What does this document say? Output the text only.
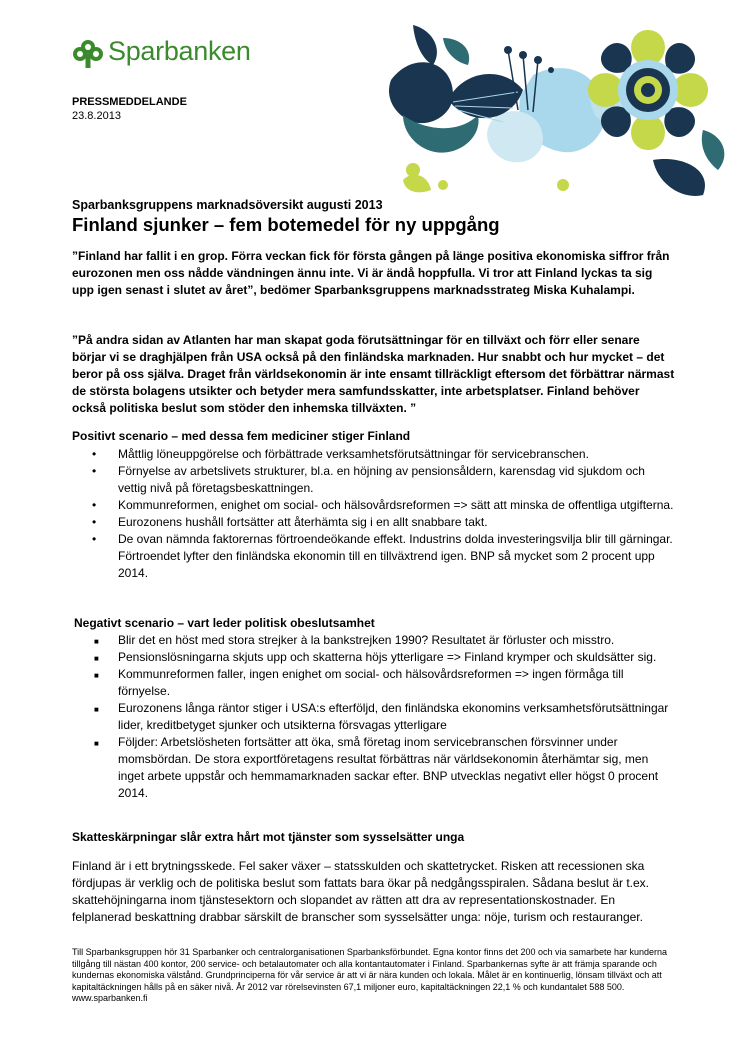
Sparbanken
PRESSMEDDELANDE
23.8.2013
Sparbanksgruppens marknadsöversikt augusti 2013
Finland sjunker – fem botemedel för ny uppgång
”Finland har fallit i en grop. Förra veckan fick för första gången på länge positiva ekonomiska siffror från eurozonen men oss nådde vändningen ännu inte. Vi är ändå hoppfulla. Vi tror att Finland lyckas ta sig upp igen senast i slutet av året”, bedömer Sparbanksgruppens marknadsstrateg Miska Kuhalampi.
”På andra sidan av Atlanten har man skapat goda förutsättningar för en tillväxt och förr eller senare börjar vi se draghjälpen från USA också på den finländska marknaden. Hur snabbt och hur mycket – det beror på oss själva. Draget från världsekonomin är inte ensamt tillräckligt eftersom det förbättrar närmast de största bolagens utsikter och betyder mera samfundsskatter, inte arbetsplatser. Finland behöver också politiska beslut som stöder den inhemska tillväxten. ”
Positivt scenario – med dessa fem mediciner stiger Finland
• Måttlig löneuppgörelse och förbättrade verksamhetsförutsättningar för servicebranschen.
• Förnyelse av arbetslivets strukturer, bl.a. en höjning av pensionsåldern, karensdag vid sjukdom och vettig nivå på företagsbeskattningen.
• Kommunreformen, enighet om social- och hälsovårdsreformen => sätt att minska de offentliga utgifterna.
• Eurozonens hushåll fortsätter att återhämta sig i en allt snabbare takt.
• De ovan nämnda faktorernas förtroendeökande effekt. Industrins dolda investeringsvilja blir till gärningar. Förtroendet lyfter den finländska ekonomin till en tillväxtrend igen. BNP så mycket som 2 procent upp 2014.
Negativt scenario – vart leder politisk obeslutsamhet
■ Blir det en höst med stora strejker à la bankstrejken 1990? Resultatet är förluster och misstro.
■ Pensionslösningarna skjuts upp och skatterna höjs ytterligare => Finland krymper och skuldsätter sig.
■ Kommunreformen faller, ingen enighet om social- och hälsovårdsreformen => ingen förmåga till förnyelse.
■ Eurozonens långa räntor stiger i USA:s efterföljd, den finländska ekonomins verksamhetsförutsättningar lider, kreditbetyget sjunker och utsikterna försvagas ytterligare
■ Följder: Arbetslösheten fortsätter att öka, små företag inom servicebranschen försvinner under momsbördan. De stora exportföretagens resultat förbättras när världsekonomin återhämtar sig, men inget arbete uppstår och hemmamarknaden sackar efter. BNP utvecklas negativt eller högst 0 procent 2014.
Skatteskärpningar slår extra hårt mot tjänster som sysselsätter unga
Finland är i ett brytningsskede. Fel saker växer – statsskulden och skattetrycket. Risken att recessionen ska fördjupas är verklig och de politiska beslut som fattats bara ökar på nedgångsspiralen. Sådana beslut är t.ex. skattehöjningarna inom tjänstesektorn och slopandet av rätten att dra av representationskostnader. En felplanerad beskattning drabbar särskilt de branscher som sysselsätter unga: nöje, turism och restauranger.
Till Sparbanksgruppen hör 31 Sparbanker och centralorganisationen Sparbanksförbundet. Egna kontor finns det 200 och via samarbete har kunderna tillgång till nästan 400 kontor, 200 service- och betalautomater och alla kontantautomater i Finland. Sparbankernas syfte är att främja sparande och kundernas ekonomiska välstånd. Grundprinciperna för vår service är att vi är nära kunden och lokala. Målet är en kontinuerlig, lönsam tillväxt och att kapitaltäckningen hålls på en säker nivå. År 2012 var rörelsevinsten 67,1 miljoner euro, kapitaltäckningen 22,1 % och kundantalet 588 500. www.sparbanken.fi
